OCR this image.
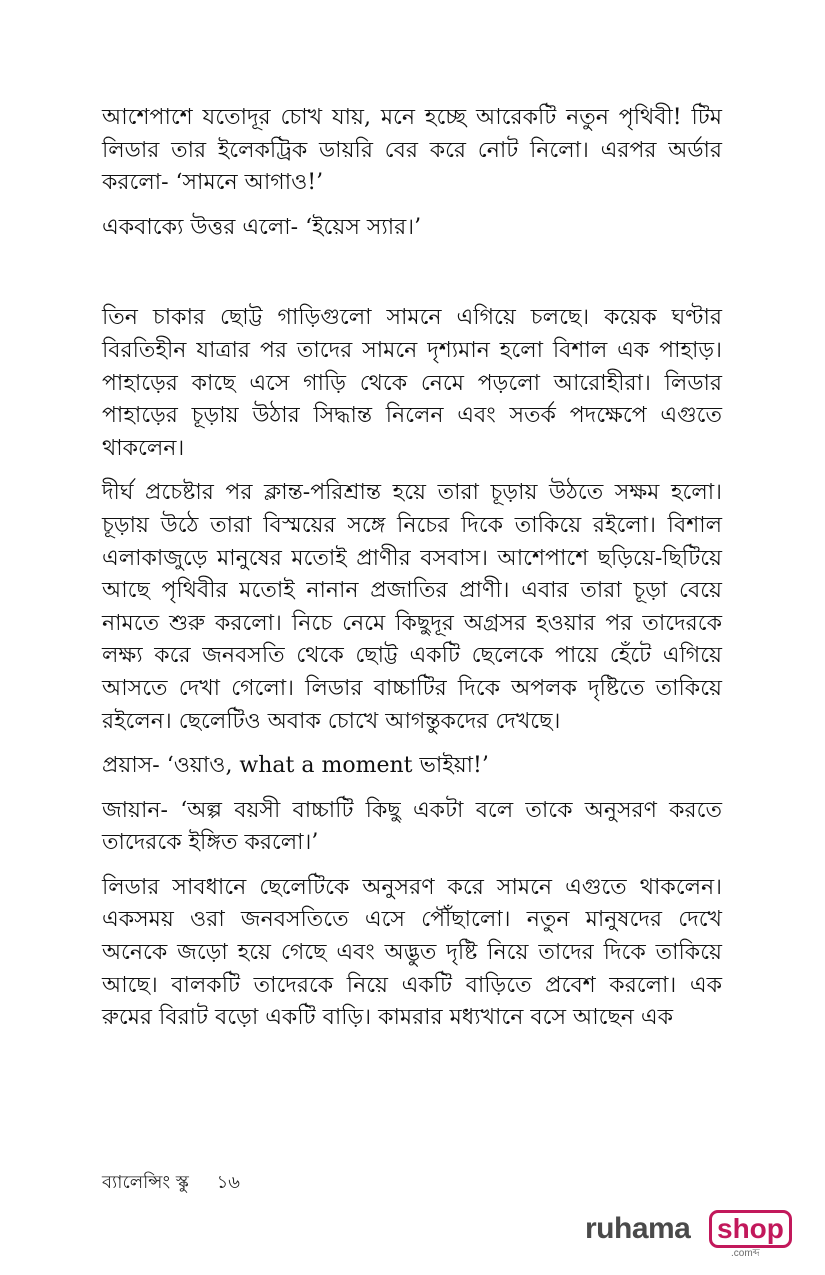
আশেপাশে যতোদূর চোখ যায়, মনে হচ্ছে আরেকটি নতুন পৃথিবী! টিম লিডার তার ইলেকট্রিক ডায়রি বের করে নোট নিলো। এরপর অর্ডার করলো- ‘সামনে আগাও!’

একবাক্যে উত্তর এলো- ‘ইয়েস স্যার।’

তিন চাকার ছোট্ট গাড়িগুলো সামনে এগিয়ে চলছে। কয়েক ঘণ্টার বিরতিহীন যাত্রার পর তাদের সামনে দৃশ্যমান হলো বিশাল এক পাহাড়। পাহাড়ের কাছে এসে গাড়ি থেকে নেমে পড়লো আরোহীরা। লিডার পাহাড়ের চূড়ায় উঠার সিদ্ধান্ত নিলেন এবং সতর্ক পদক্ষেপে এগুতে থাকলেন।

দীর্ঘ প্রচেষ্টার পর ক্লান্ত-পরিশ্রান্ত হয়ে তারা চূড়ায় উঠতে সক্ষম হলো। চূড়ায় উঠে তারা বিস্ময়ের সঙ্গে নিচের দিকে তাকিয়ে রইলো। বিশাল এলাকাজুড়ে মানুষের মতোই প্রাণীর বসবাস। আশেপাশে ছড়িয়ে-ছিটিয়ে আছে পৃথিবীর মতোই নানান প্রজাতির প্রাণী। এবার তারা চূড়া বেয়ে নামতে শুরু করলো। নিচে নেমে কিছুদূর অগ্রসর হওয়ার পর তাদেরকে লক্ষ্য করে জনবসতি থেকে ছোট্ট একটি ছেলেকে পায়ে হেঁটে এগিয়ে আসতে দেখা গেলো। লিডার বাচ্চাটির দিকে অপলক দৃষ্টিতে তাকিয়ে রইলেন। ছেলেটিও অবাক চোখে আগন্তুকদের দেখছে।

প্রয়াস- ‘ওয়াও, what a moment ভাইয়া!’

জায়ান- ‘অল্প বয়সী বাচ্চাটি কিছু একটা বলে তাকে অনুসরণ করতে তাদেরকে ইঙ্গিত করলো।’

লিডার সাবধানে ছেলেটিকে অনুসরণ করে সামনে এগুতে থাকলেন। একসময় ওরা জনবসতিতে এসে পৌঁছালো। নতুন মানুষদের দেখে অনেকে জড়ো হয়ে গেছে এবং অদ্ভুত দৃষ্টি নিয়ে তাদের দিকে তাকিয়ে আছে। বালকটি তাদেরকে নিয়ে একটি বাড়িতে প্রবেশ করলো। এক রুমের বিরাট বড়ো একটি বাড়ি। কামরার মধ্যখানে বসে আছেন এক

ব্যালেন্সিং স্কু ১৬
ruhama shop
.comব্দ
